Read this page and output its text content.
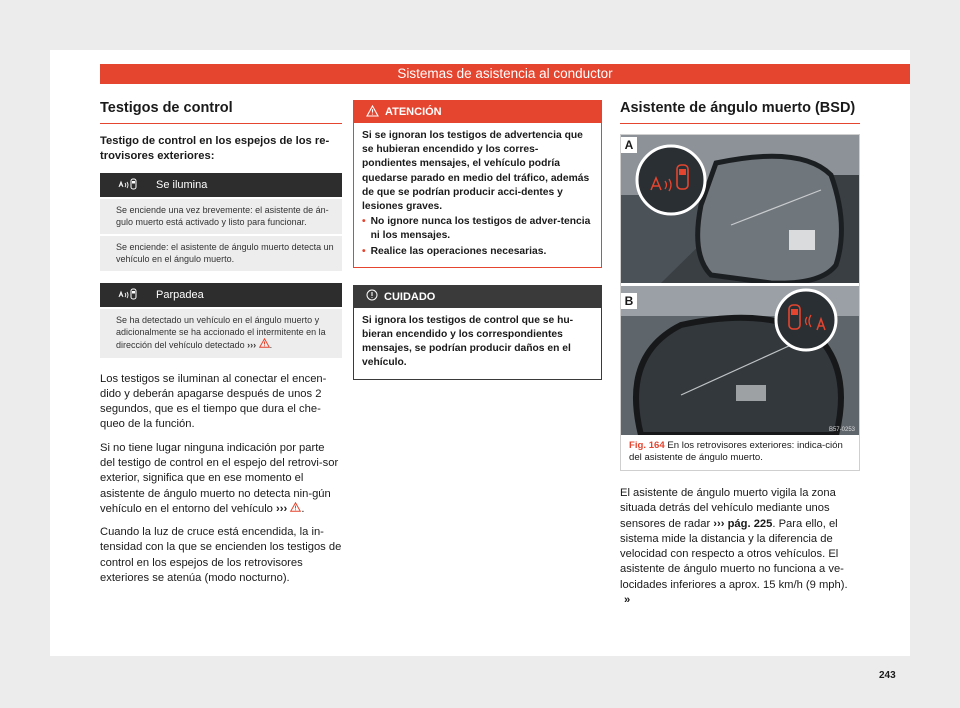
Sistemas de asistencia al conductor
Testigos de control
Testigo de control en los espejos de los re-trovisores exteriores:
Se ilumina
Se enciende una vez brevemente: el asistente de án-gulo muerto está activado y listo para funcionar.
Se enciende: el asistente de ángulo muerto detecta un vehículo en el ángulo muerto.
Parpadea
Se ha detectado un vehículo en el ángulo muerto y adicionalmente se ha accionado el intermitente en la dirección del vehículo detectado ››› .
Los testigos se iluminan al conectar el encen-dido y deberán apagarse después de unos 2 segundos, que es el tiempo que dura el che-queo de la función.
Si no tiene lugar ninguna indicación por parte del testigo de control en el espejo del retrovi-sor exterior, significa que en ese momento el asistente de ángulo muerto no detecta nin-gún vehículo en el entorno del vehículo ››› .
Cuando la luz de cruce está encendida, la in-tensidad con la que se encienden los testigos de control en los espejos de los retrovisores exteriores se atenúa (modo nocturno).
ATENCIÓN
Si se ignoran los testigos de advertencia que se hubieran encendido y los corres-pondientes mensajes, el vehículo podría quedarse parado en medio del tráfico, además de que se podrían producir acci-dentes y lesiones graves.
• No ignore nunca los testigos de adver-tencia ni los mensajes.
• Realice las operaciones necesarias.
CUIDADO
Si ignora los testigos de control que se hu-bieran encendido y los correspondientes mensajes, se podrían producir daños en el vehículo.
Asistente de ángulo muerto (BSD)
A
B
B57-0253
Fig. 164 En los retrovisores exteriores: indica-ción del asistente de ángulo muerto.
El asistente de ángulo muerto vigila la zona situada detrás del vehículo mediante unos sensores de radar ››› pág. 225. Para ello, el sistema mide la distancia y la diferencia de velocidad con respecto a otros vehículos. El asistente de ángulo muerto no funciona a ve-locidades inferiores a aprox. 15 km/h (9 mph). »
243
